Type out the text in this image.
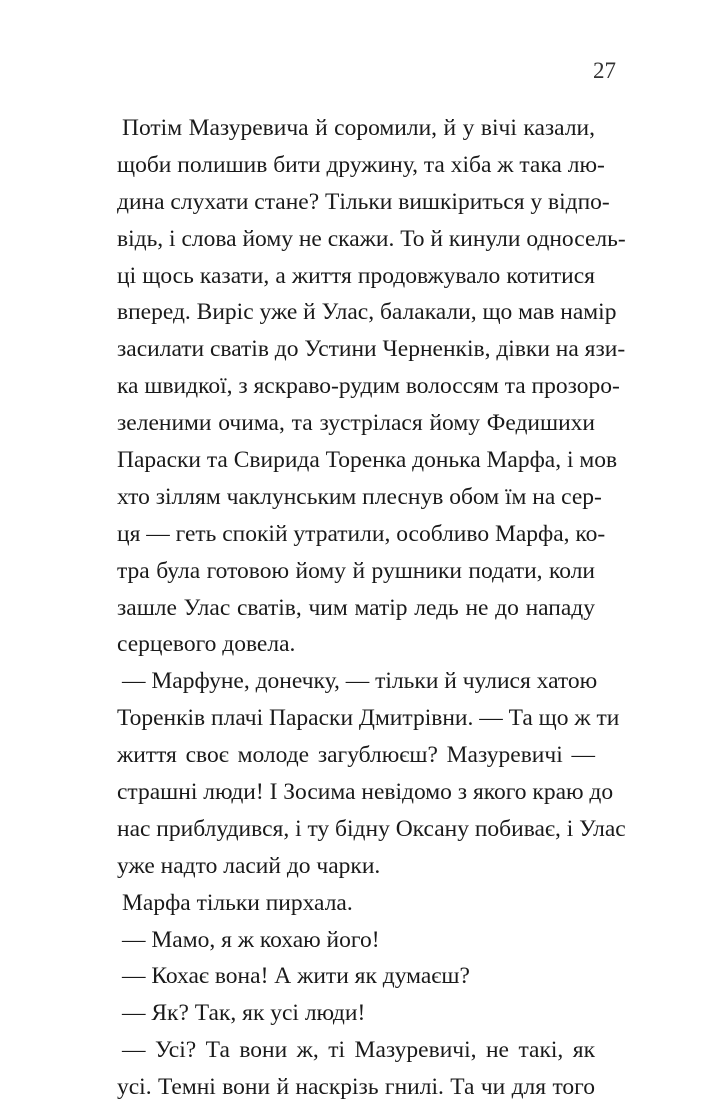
27
Потім Мазуревича й соромили, й у вічі казали,
щоби полишив бити дружину, та хіба ж така лю-
дина слухати стане? Тільки вишкіриться у відпо-
відь, і слова йому не скажи. То й кинули односель-
ці щось казати, а життя продовжувало котитися
вперед. Виріс уже й Улас, балакали, що мав намір
засилати сватів до Устини Черненків, дівки на язи-
ка швидкої, з яскраво-рудим волоссям та прозоро-
зеленими очима, та зустрілася йому Федишихи
Параски та Свирида Торенка донька Марфа, і мов
хто зіллям чаклунським плеснув обом їм на сер-
ця — геть спокій утратили, особливо Марфа, ко-
тра була готовою йому й рушники подати, коли
зашле Улас сватів, чим матір ледь не до нападу
серцевого довела.
— Марфуне, донечку, — тільки й чулися хатою
Торенків плачі Параски Дмитрівни. — Та що ж ти
життя своє молоде загублюєш? Мазуревичі —
страшні люди! І Зосима невідомо з якого краю до
нас приблудився, і ту бідну Оксану побиває, і Улас
уже надто ласий до чарки.
Марфа тільки пирхала.
— Мамо, я ж кохаю його!
— Кохає вона! А жити як думаєш?
— Як? Так, як усі люди!
— Усі? Та вони ж, ті Мазуревичі, не такі, як
усі. Темні вони й наскрізь гнилі. Та чи для того
